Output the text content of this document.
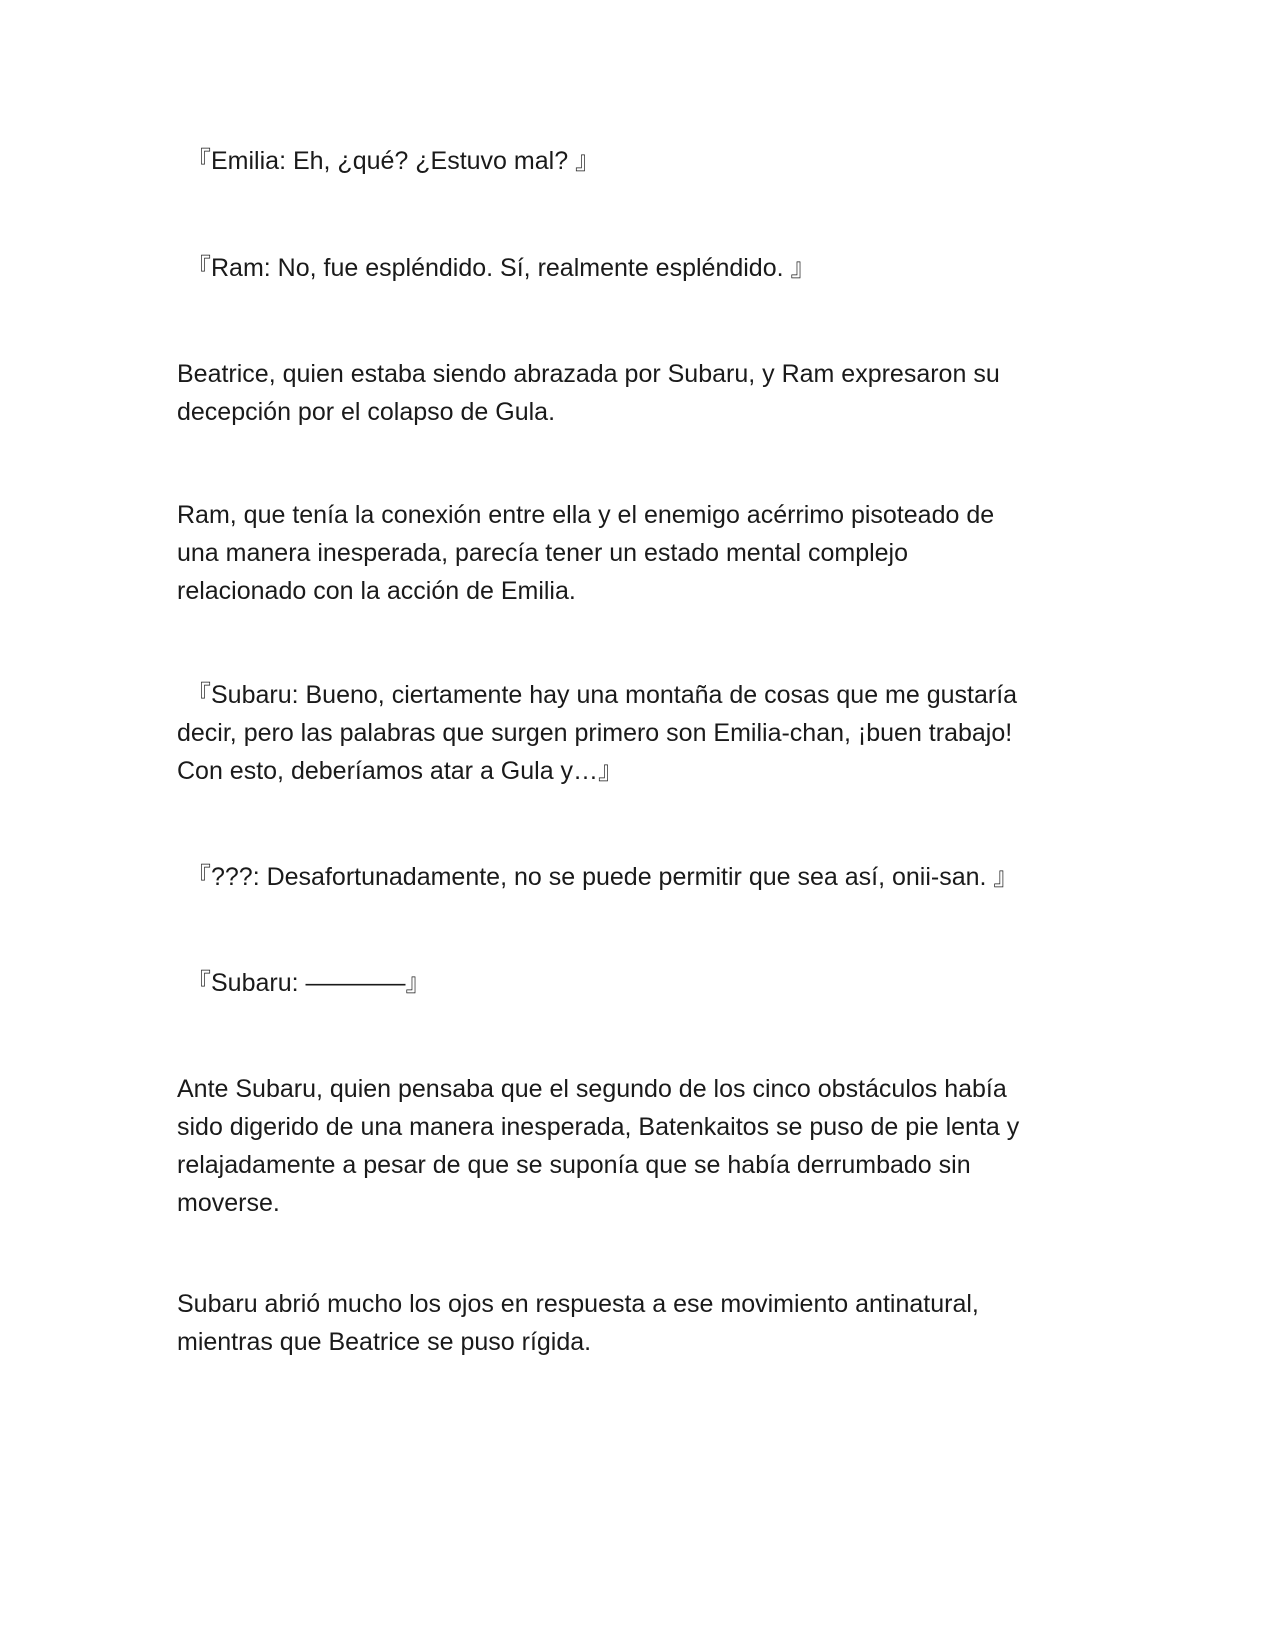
『Emilia: Eh, ¿qué? ¿Estuvo mal? 』

『Ram: No, fue espléndido. Sí, realmente espléndido. 』

Beatrice, quien estaba siendo abrazada por Subaru, y Ram expresaron su
decepción por el colapso de Gula.

Ram, que tenía la conexión entre ella y el enemigo acérrimo pisoteado de
una manera inesperada, parecía tener un estado mental complejo
relacionado con la acción de Emilia.

『Subaru: Bueno, ciertamente hay una montaña de cosas que me gustaría

decir, pero las palabras que surgen primero son Emilia-chan, ¡buen trabajo!
Con esto, deberíamos atar a Gula y…』

『???: Desafortunadamente, no se puede permitir que sea así, onii-san. 』

『Subaru: ————』

Ante Subaru, quien pensaba que el segundo de los cinco obstáculos había
sido digerido de una manera inesperada, Batenkaitos se puso de pie lenta y
relajadamente a pesar de que se suponía que se había derrumbado sin
moverse.

Subaru abrió mucho los ojos en respuesta a ese movimiento antinatural,
mientras que Beatrice se puso rígida.
